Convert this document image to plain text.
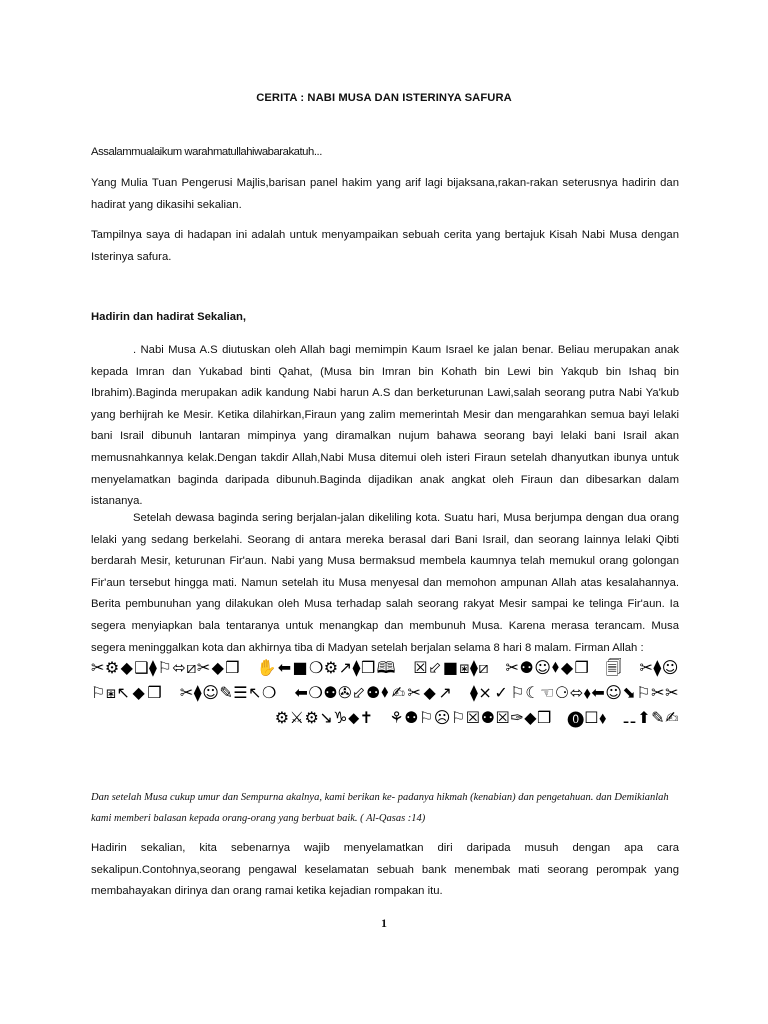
CERITA : NABI MUSA DAN ISTERINYA SAFURA
Assalammualaikum warahmatullahiwabarakatuh...
Yang Mulia Tuan Pengerusi Majlis,barisan panel hakim yang arif lagi bijaksana,rakan-rakan seterusnya hadirin dan hadirat yang dikasihi sekalian.
Tampilnya saya di hadapan ini adalah untuk menyampaikan sebuah cerita yang bertajuk Kisah Nabi Musa dengan Isterinya safura.
Hadirin dan hadirat Sekalian,
. Nabi Musa A.S diutuskan oleh Allah bagi memimpin Kaum Israel ke jalan benar. Beliau merupakan anak kepada Imran dan Yukabad binti Qahat, (Musa bin Imran bin Kohath bin Lewi bin Yakqub bin Ishaq bin Ibrahim).Baginda merupakan adik kandung Nabi harun A.S dan berketurunan Lawi,salah seorang putra Nabi Ya'kub yang berhijrah ke Mesir. Ketika dilahirkan,Firaun yang zalim memerintah Mesir dan mengarahkan semua bayi lelaki bani Israil dibunuh lantaran mimpinya yang diramalkan nujum bahawa seorang bayi lelaki bani Israil akan memusnahkannya kelak.Dengan takdir Allah,Nabi Musa ditemui oleh isteri Firaun setelah dhanyutkan ibunya untuk menyelamatkan baginda daripada dibunuh.Baginda dijadikan anak angkat oleh Firaun dan dibesarkan dalam istananya.
Setelah dewasa baginda sering berjalan-jalan dikeliling kota. Suatu hari, Musa berjumpa dengan dua orang lelaki yang sedang berkelahi. Seorang di antara mereka berasal dari Bani Israil, dan seorang lainnya lelaki Qibti berdarah Mesir, keturunan Fir'aun. Nabi yang Musa bermaksud membela kaumnya telah memukul orang golongan Fir'aun tersebut hingga mati. Namun setelah itu Musa menyesal dan memohon ampunan Allah atas kesalahannya. Berita pembunuhan yang dilakukan oleh Musa terhadap salah seorang rakyat Mesir sampai ke telinga Fir'aun. Ia segera menyiapkan bala tentaranya untuk menangkap dan membunuh Musa. Karena merasa terancam. Musa segera meninggalkan kota dan akhirnya tiba di Madyan setelah berjalan selama 8 hari 8 malam. Firman Allah :
✂⚙◆❑⧫⚐⬄⧄✂◆❒ ✋⬅■❍⚙↗⧫❒🕮 ☒⬃■⧆⧫⧄ ✂⚉☺⬧◆❒ 🗐 ✂⧫☺⚐⧆↖◆❒ ✂⧫☺✎☰↖❍ ⬅❍⚉✇⬃⚉⬧✍✂◆↗ ⧫×✓⚐☾☜⚆⬄⬧⬅☺⬊⚐✂✂ ⚙⚔⚙↘♑⬥✝ ⚘⚉⚐☹⚐☒⚉☒✑◆❒ ⓿☐⬧ ⚋⬆✎✍
Dan setelah Musa cukup umur dan Sempurna akalnya, kami berikan ke- padanya hikmah (kenabian) dan pengetahuan. dan Demikianlah kami memberi balasan kepada orang-orang yang berbuat baik. ( Al-Qasas :14)
Hadirin sekalian, kita sebenarnya wajib menyelamatkan diri daripada musuh dengan apa cara sekalipun.Contohnya,seorang pengawal keselamatan sebuah bank menembak mati seorang perompak yang membahayakan dirinya dan orang ramai ketika kejadian rompakan itu.
1
